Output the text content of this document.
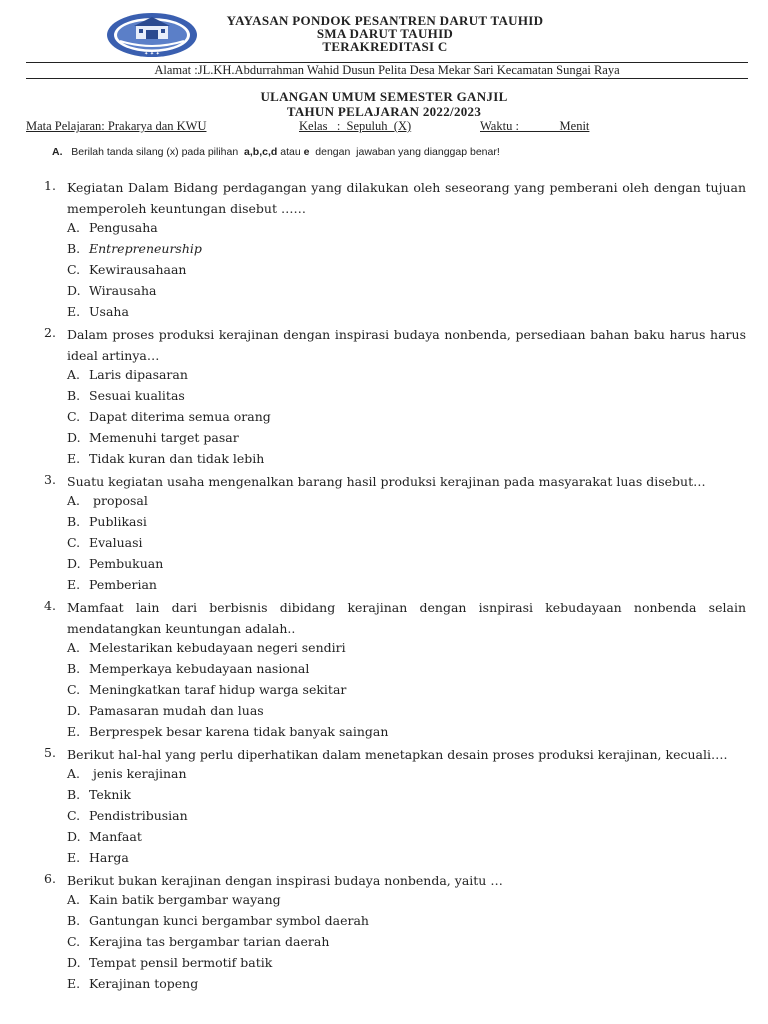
✦ ✦ ✦
YAYASAN PONDOK PESANTREN DARUT TAUHID
SMA DARUT TAUHID
TERAKREDITASI C
Alamat :JL.KH.Abdurrahman Wahid Dusun Pelita Desa Mekar Sari Kecamatan Sungai Raya
ULANGAN UMUM SEMESTER GANJIL
TAHUN PELAJARAN 2022/2023
Mata Pelajaran: Prakarya dan KWU	Kelas   :  Sepuluh  (X)	Waktu :             Menit
A. Berilah tanda silang (x) pada pilihan  a,b,c,d atau e  dengan  jawaban yang dianggap benar!
1. Kegiatan Dalam Bidang perdagangan yang dilakukan oleh seseorang yang pemberani oleh dengan tujuan memperoleh keuntungan disebut ……
A. Pengusaha
B. Entrepreneurship
C. Kewirausahaan
D. Wirausaha
E. Usaha
2. Dalam proses produksi kerajinan dengan inspirasi budaya nonbenda, persediaan bahan baku harus harus ideal artinya…
A. Laris dipasaran
B. Sesuai kualitas
C. Dapat diterima semua orang
D. Memenuhi target pasar
E. Tidak kuran dan tidak lebih
3. Suatu kegiatan usaha mengenalkan barang hasil produksi kerajinan pada masyarakat luas disebut…
A. proposal
B. Publikasi
C. Evaluasi
D. Pembukuan
E. Pemberian
4. Mamfaat lain dari berbisnis dibidang kerajinan dengan isnpirasi kebudayaan nonbenda selain mendatangkan keuntungan adalah..
A. Melestarikan kebudayaan negeri sendiri
B. Memperkaya kebudayaan nasional
C. Meningkatkan taraf hidup warga sekitar
D. Pamasaran mudah dan luas
E. Berprespek besar karena tidak banyak saingan
5. Berikut hal-hal yang perlu diperhatikan dalam menetapkan desain proses produksi kerajinan, kecuali….
A. jenis kerajinan
B. Teknik
C. Pendistribusian
D. Manfaat
E. Harga
6. Berikut bukan kerajinan dengan inspirasi budaya nonbenda, yaitu …
A. Kain batik bergambar wayang
B. Gantungan kunci bergambar symbol daerah
C. Kerajina tas bergambar tarian daerah
D. Tempat pensil bermotif batik
E. Kerajinan topeng
